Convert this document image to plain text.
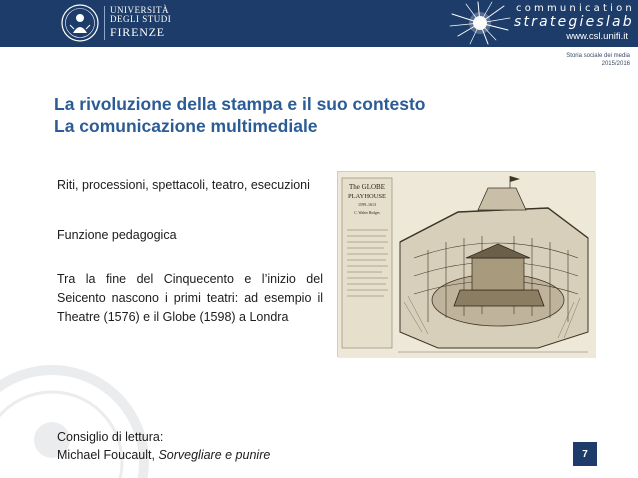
UNIVERSITÀ
DEGLI STUDI
FIRENZE
communication
strategieslab
www.csl.unifi.it
Storia sociale dei media
2015/2016
La rivoluzione della stampa e il suo contesto
La comunicazione multimediale
Riti, processioni, spettacoli, teatro, esecuzioni
Funzione pedagogica
Tra la fine del Cinquecento e l’inizio del Seicento nascono i primi teatri: ad esempio il Theatre (1576) e il Globe (1598) a Londra
The GLOBE
PLAYHOUSE
1599–1613
C. Walter Hodges
Consiglio di lettura:
Michael Foucault, Sorvegliare e punire	7
